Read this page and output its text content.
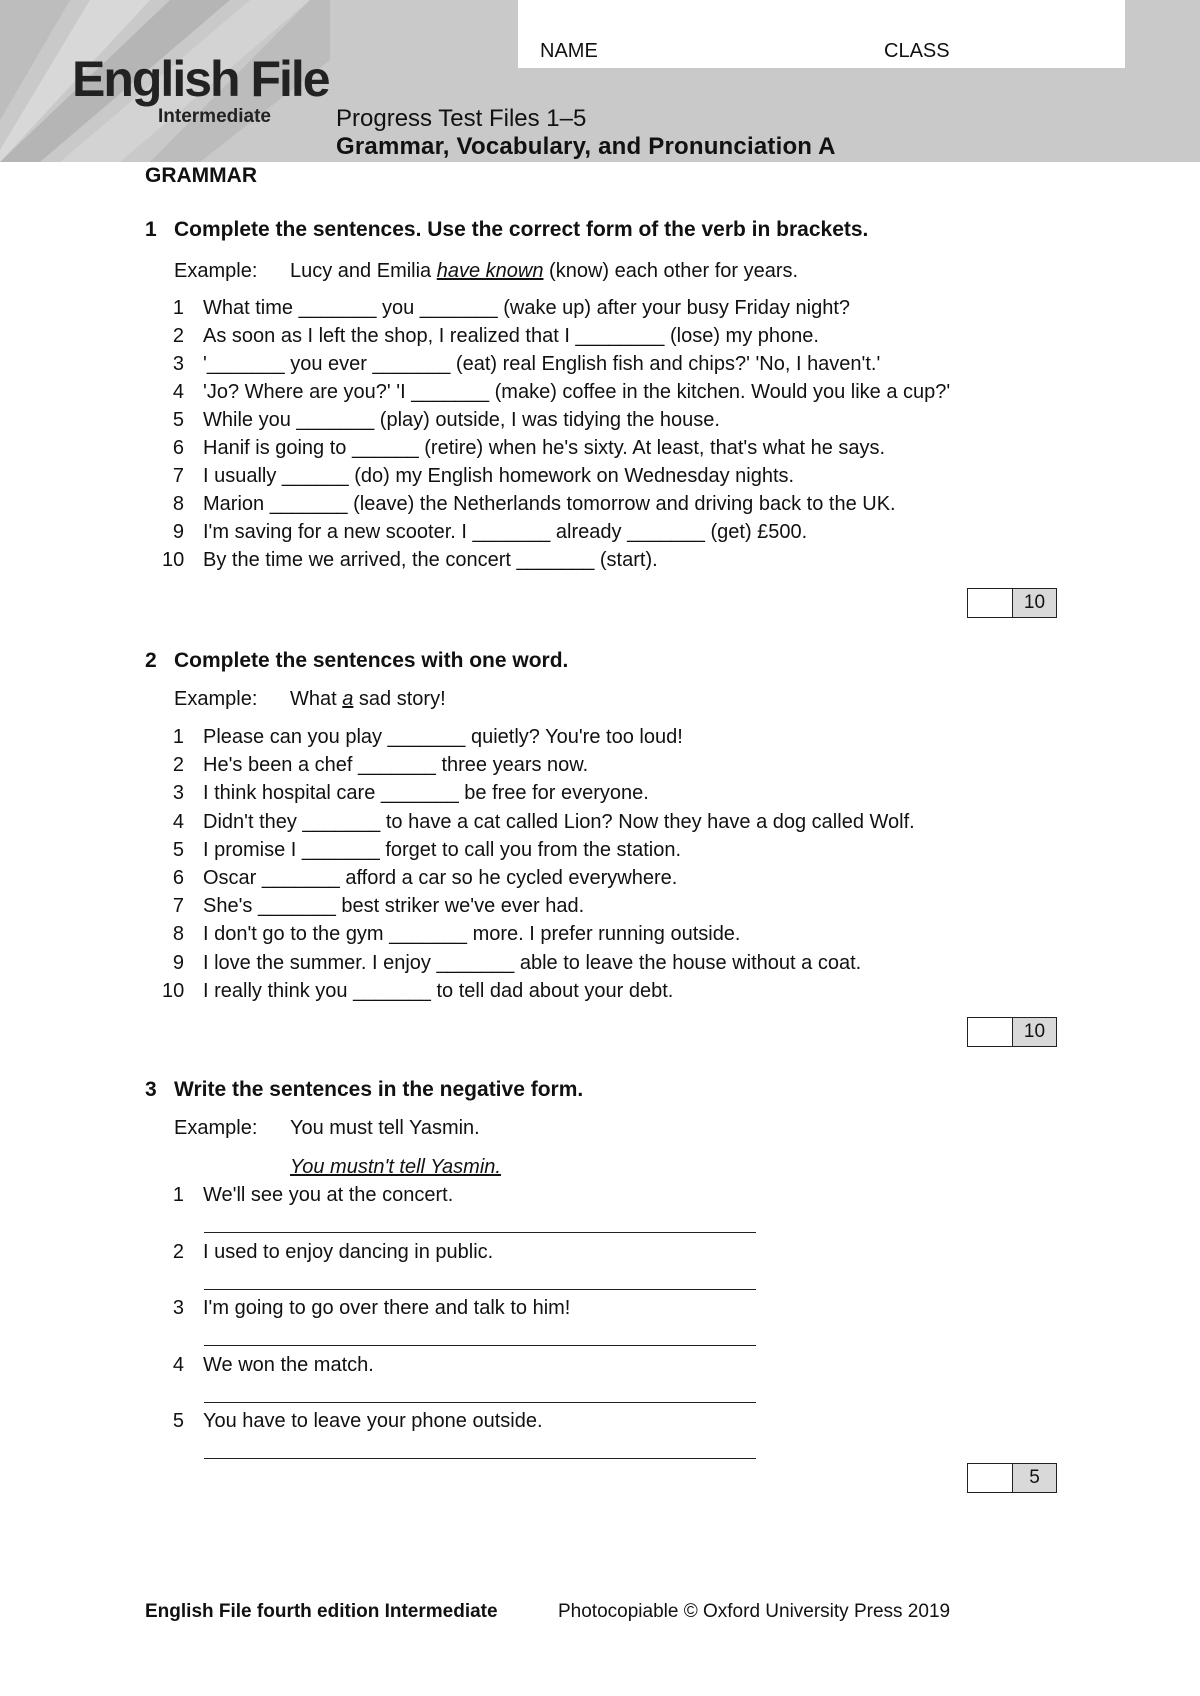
English File
Intermediate
NAME	CLASS
Progress Test Files 1–5
Grammar, Vocabulary, and Pronunciation A
GRAMMAR
1 Complete the sentences. Use the correct form of the verb in brackets.
Example: Lucy and Emilia have known (know) each other for years.
1 What time _______ you _______ (wake up) after your busy Friday night?
2 As soon as I left the shop, I realized that I ________ (lose) my phone.
3 '_______ you ever _______ (eat) real English fish and chips?' 'No, I haven't.'
4 'Jo? Where are you?' 'I _______ (make) coffee in the kitchen. Would you like a cup?'
5 While you _______ (play) outside, I was tidying the house.
6 Hanif is going to ______ (retire) when he's sixty. At least, that's what he says.
7 I usually ______ (do) my English homework on Wednesday nights.
8 Marion _______ (leave) the Netherlands tomorrow and driving back to the UK.
9 I'm saving for a new scooter. I _______ already _______ (get) £500.
10 By the time we arrived, the concert _______ (start).
10
2 Complete the sentences with one word.
Example: What a sad story!
1 Please can you play _______ quietly? You're too loud!
2 He's been a chef _______ three years now.
3 I think hospital care _______ be free for everyone.
4 Didn't they _______ to have a cat called Lion? Now they have a dog called Wolf.
5 I promise I _______ forget to call you from the station.
6 Oscar _______ afford a car so he cycled everywhere.
7 She's _______ best striker we've ever had.
8 I don't go to the gym _______ more. I prefer running outside.
9 I love the summer. I enjoy _______ able to leave the house without a coat.
10 I really think you _______ to tell dad about your debt.
10
3 Write the sentences in the negative form.
Example: You must tell Yasmin.
You mustn't tell Yasmin.
1 We'll see you at the concert.
2 I used to enjoy dancing in public.
3 I'm going to go over there and talk to him!
4 We won the match.
5 You have to leave your phone outside.
5
English File fourth edition Intermediate	Photocopiable © Oxford University Press 2019
